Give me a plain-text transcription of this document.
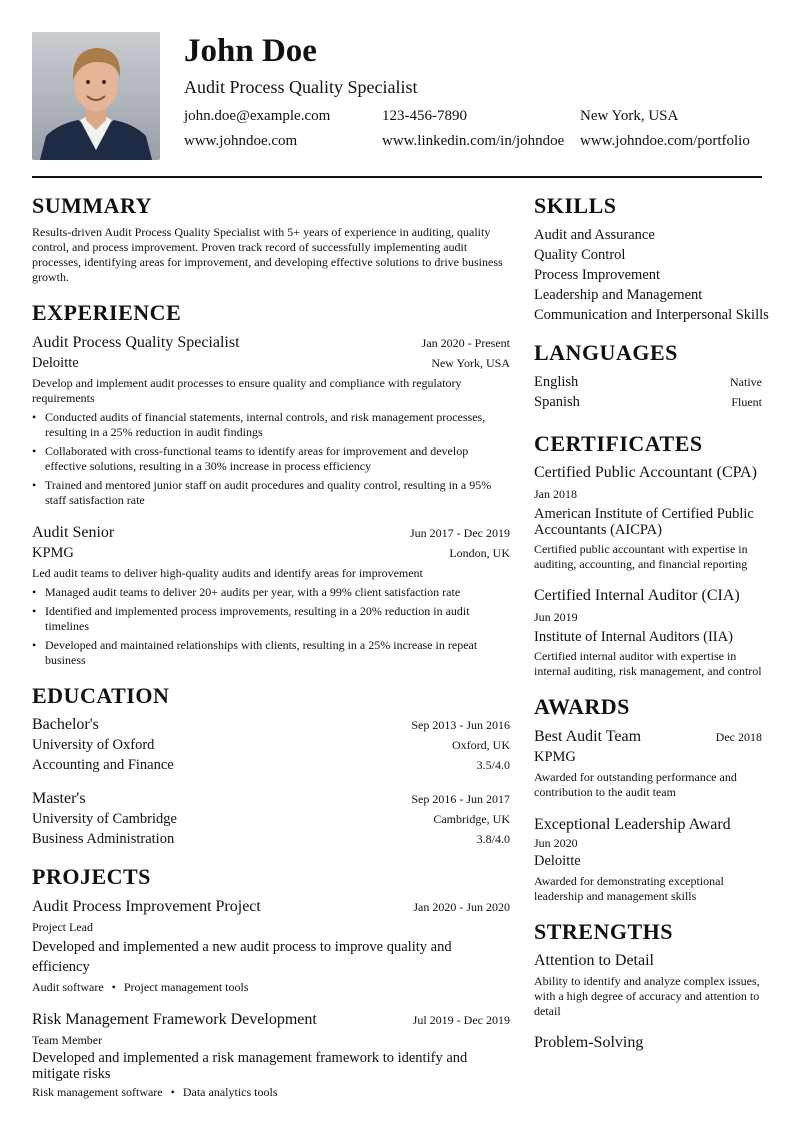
John Doe
Audit Process Quality Specialist
john.doe@example.com	123-456-7890	New York, USA
www.johndoe.com	www.linkedin.com/in/johndoe	www.johndoe.com/portfolio
SUMMARY
Results-driven Audit Process Quality Specialist with 5+ years of experience in auditing, quality control, and process improvement. Proven track record of successfully implementing audit processes, identifying areas for improvement, and developing effective solutions to drive business growth.
EXPERIENCE
Audit Process Quality Specialist	Jan 2020 - Present
Deloitte	New York, USA
Develop and implement audit processes to ensure quality and compliance with regulatory requirements
• Conducted audits of financial statements, internal controls, and risk management processes, resulting in a 25% reduction in audit findings
• Collaborated with cross-functional teams to identify areas for improvement and develop effective solutions, resulting in a 30% increase in process efficiency
• Trained and mentored junior staff on audit procedures and quality control, resulting in a 95% staff satisfaction rate
Audit Senior	Jun 2017 - Dec 2019
KPMG	London, UK
Led audit teams to deliver high-quality audits and identify areas for improvement
• Managed audit teams to deliver 20+ audits per year, with a 99% client satisfaction rate
• Identified and implemented process improvements, resulting in a 20% reduction in audit timelines
• Developed and maintained relationships with clients, resulting in a 25% increase in repeat business
EDUCATION
Bachelor's	Sep 2013 - Jun 2016
University of Oxford	Oxford, UK
Accounting and Finance	3.5/4.0
Master's	Sep 2016 - Jun 2017
University of Cambridge	Cambridge, UK
Business Administration	3.8/4.0
PROJECTS
Audit Process Improvement Project	Jan 2020 - Jun 2020
Project Lead
Developed and implemented a new audit process to improve quality and efficiency
Audit software • Project management tools
Risk Management Framework Development	Jul 2019 - Dec 2019
Team Member
Developed and implemented a risk management framework to identify and mitigate risks
Risk management software • Data analytics tools
SKILLS
Audit and Assurance
Quality Control
Process Improvement
Leadership and Management
Communication and Interpersonal Skills
LANGUAGES
English	Native
Spanish	Fluent
CERTIFICATES
Certified Public Accountant (CPA)
Jan 2018
American Institute of Certified Public Accountants (AICPA)
Certified public accountant with expertise in auditing, accounting, and financial reporting
Certified Internal Auditor (CIA)
Jun 2019
Institute of Internal Auditors (IIA)
Certified internal auditor with expertise in internal auditing, risk management, and control
AWARDS
Best Audit Team	Dec 2018
KPMG
Awarded for outstanding performance and contribution to the audit team
Exceptional Leadership Award
Jun 2020
Deloitte
Awarded for demonstrating exceptional leadership and management skills
STRENGTHS
Attention to Detail
Ability to identify and analyze complex issues, with a high degree of accuracy and attention to detail
Problem-Solving
